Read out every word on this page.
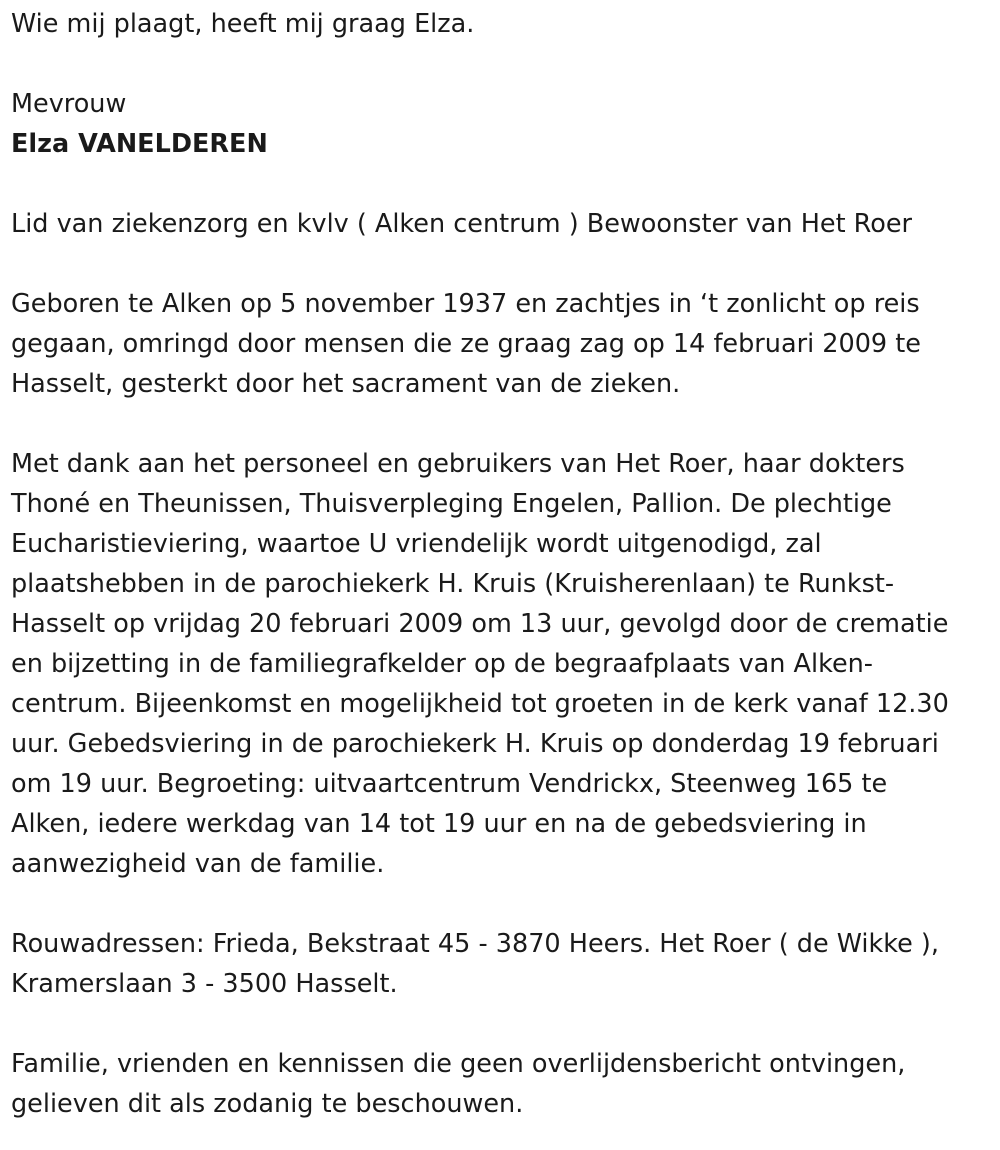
Wie mij plaagt, heeft mij graag Elza.

Mevrouw

Elza VANELDEREN

Lid van ziekenzorg en kvlv ( Alken centrum ) Bewoonster van Het Roer

Geboren te Alken op 5 november 1937 en zachtjes in ‘t zonlicht op reis
gegaan, omringd door mensen die ze graag zag op 14 februari 2009 te
Hasselt, gesterkt door het sacrament van de zieken.

Met dank aan het personeel en gebruikers van Het Roer, haar dokters
Thoné en Theunissen, Thuisverpleging Engelen, Pallion. De plechtige
Eucharistieviering, waartoe U vriendelijk wordt uitgenodigd, zal
plaatshebben in de parochiekerk H. Kruis (Kruisherenlaan) te Runkst-
Hasselt op vrijdag 20 februari 2009 om 13 uur, gevolgd door de crematie
en bijzetting in de familiegrafkelder op de begraafplaats van Alken-
centrum. Bijeenkomst en mogelijkheid tot groeten in de kerk vanaf 12.30
uur. Gebedsviering in de parochiekerk H. Kruis op donderdag 19 februari
om 19 uur. Begroeting: uitvaartcentrum Vendrickx, Steenweg 165 te
Alken, iedere werkdag van 14 tot 19 uur en na de gebedsviering in
aanwezigheid van de familie.

Rouwadressen: Frieda, Bekstraat 45 - 3870 Heers. Het Roer ( de Wikke ),
Kramerslaan 3 - 3500 Hasselt.

Familie, vrienden en kennissen die geen overlijdensbericht ontvingen,
gelieven dit als zodanig te beschouwen.
